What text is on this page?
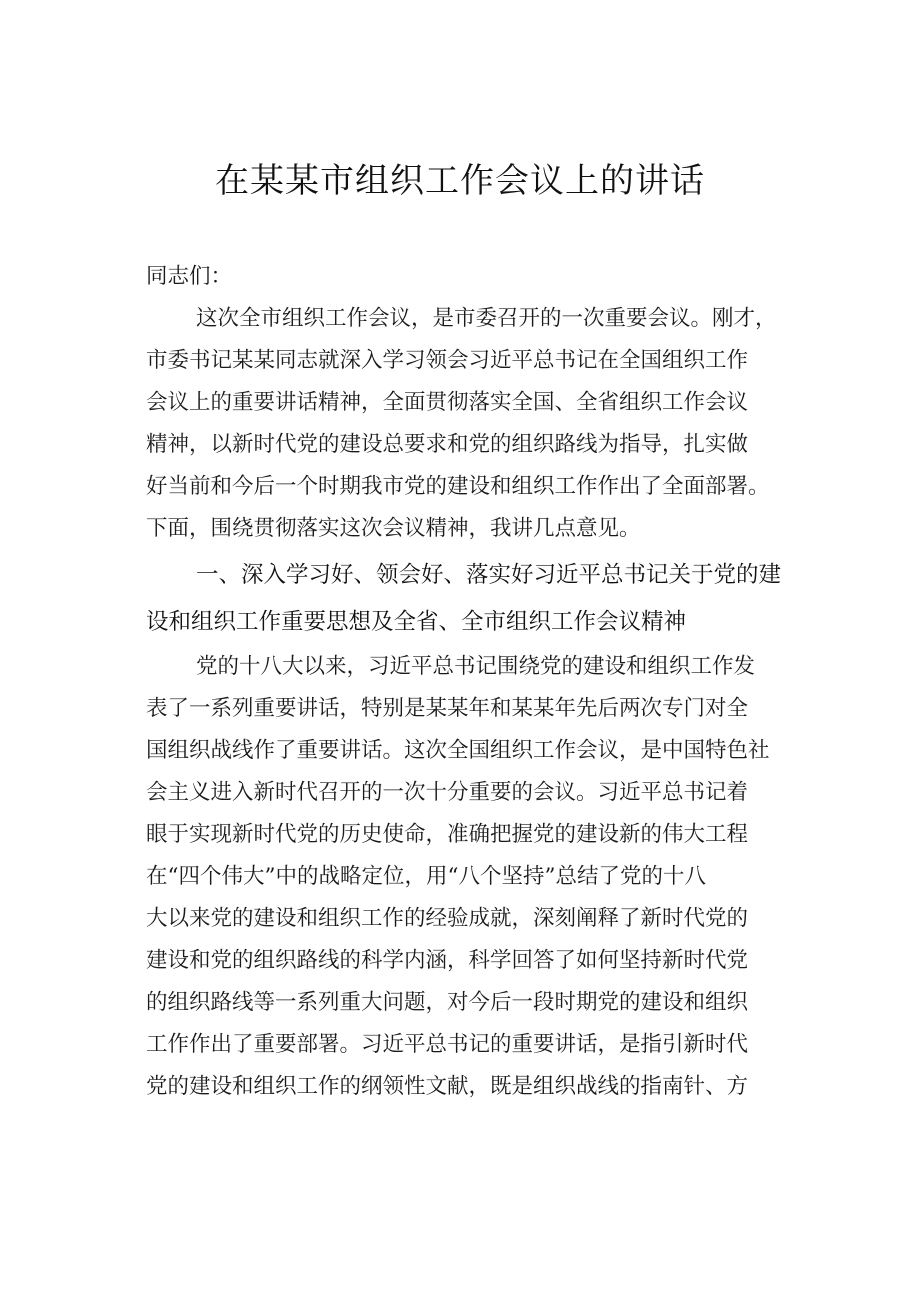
在某某市组织工作会议上的讲话
同志们：
这次全市组织工作会议，是市委召开的一次重要会议。刚才，
市委书记某某同志就深入学习领会习近平总书记在全国组织工作
会议上的重要讲话精神，全面贯彻落实全国、全省组织工作会议
精神，以新时代党的建设总要求和党的组织路线为指导，扎实做
好当前和今后一个时期我市党的建设和组织工作作出了全面部署。
下面，围绕贯彻落实这次会议精神，我讲几点意见。
一、深入学习好、领会好、落实好习近平总书记关于党的建
设和组织工作重要思想及全省、全市组织工作会议精神
党的十八大以来，习近平总书记围绕党的建设和组织工作发
表了一系列重要讲话，特别是某某年和某某年先后两次专门对全
国组织战线作了重要讲话。这次全国组织工作会议，是中国特色社
会主义进入新时代召开的一次十分重要的会议。习近平总书记着
眼于实现新时代党的历史使命，准确把握党的建设新的伟大工程
在“四个伟大”中的战略定位，用“八个坚持”总结了党的十八
大以来党的建设和组织工作的经验成就，深刻阐释了新时代党的
建设和党的组织路线的科学内涵，科学回答了如何坚持新时代党
的组织路线等一系列重大问题，对今后一段时期党的建设和组织
工作作出了重要部署。习近平总书记的重要讲话，是指引新时代
党的建设和组织工作的纲领性文献，既是组织战线的指南针、方
